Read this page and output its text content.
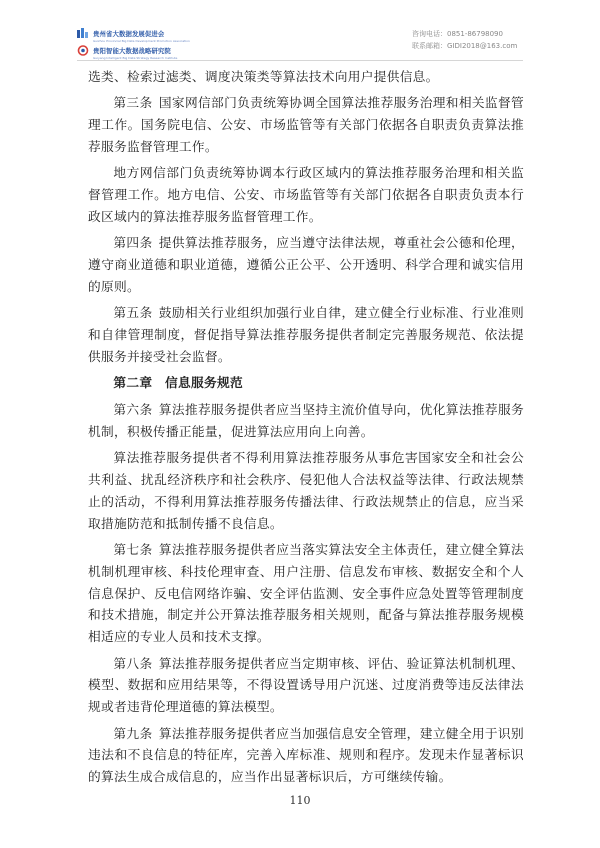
贵州省大数据发展促进会
Guizhou Provincial Big Data Development Promotion Association
贵阳智能大数据战略研究院
Guiyang Intelligent Big Data Strategy Research Institute
咨询电话：0851-86798090
联系邮箱：GIDI2018@163.com

选类、检索过滤类、调度决策类等算法技术向用户提供信息。

第三条 国家网信部门负责统筹协调全国算法推荐服务治理和相关监督管理工作。国务院电信、公安、市场监管等有关部门依据各自职责负责算法推荐服务监督管理工作。

地方网信部门负责统筹协调本行政区域内的算法推荐服务治理和相关监督管理工作。地方电信、公安、市场监管等有关部门依据各自职责负责本行政区域内的算法推荐服务监督管理工作。

第四条 提供算法推荐服务，应当遵守法律法规，尊重社会公德和伦理，遵守商业道德和职业道德，遵循公正公平、公开透明、科学合理和诚实信用的原则。

第五条 鼓励相关行业组织加强行业自律，建立健全行业标准、行业准则和自律管理制度，督促指导算法推荐服务提供者制定完善服务规范、依法提供服务并接受社会监督。

第二章 信息服务规范

第六条 算法推荐服务提供者应当坚持主流价值导向，优化算法推荐服务机制，积极传播正能量，促进算法应用向上向善。

算法推荐服务提供者不得利用算法推荐服务从事危害国家安全和社会公共利益、扰乱经济秩序和社会秩序、侵犯他人合法权益等法律、行政法规禁止的活动，不得利用算法推荐服务传播法律、行政法规禁止的信息，应当采取措施防范和抵制传播不良信息。

第七条 算法推荐服务提供者应当落实算法安全主体责任，建立健全算法机制机理审核、科技伦理审查、用户注册、信息发布审核、数据安全和个人信息保护、反电信网络诈骗、安全评估监测、安全事件应急处置等管理制度和技术措施，制定并公开算法推荐服务相关规则，配备与算法推荐服务规模相适应的专业人员和技术支撑。

第八条 算法推荐服务提供者应当定期审核、评估、验证算法机制机理、模型、数据和应用结果等，不得设置诱导用户沉迷、过度消费等违反法律法规或者违背伦理道德的算法模型。

第九条 算法推荐服务提供者应当加强信息安全管理，建立健全用于识别违法和不良信息的特征库，完善入库标准、规则和程序。发现未作显著标识的算法生成合成信息的，应当作出显著标识后，方可继续传输。

110
